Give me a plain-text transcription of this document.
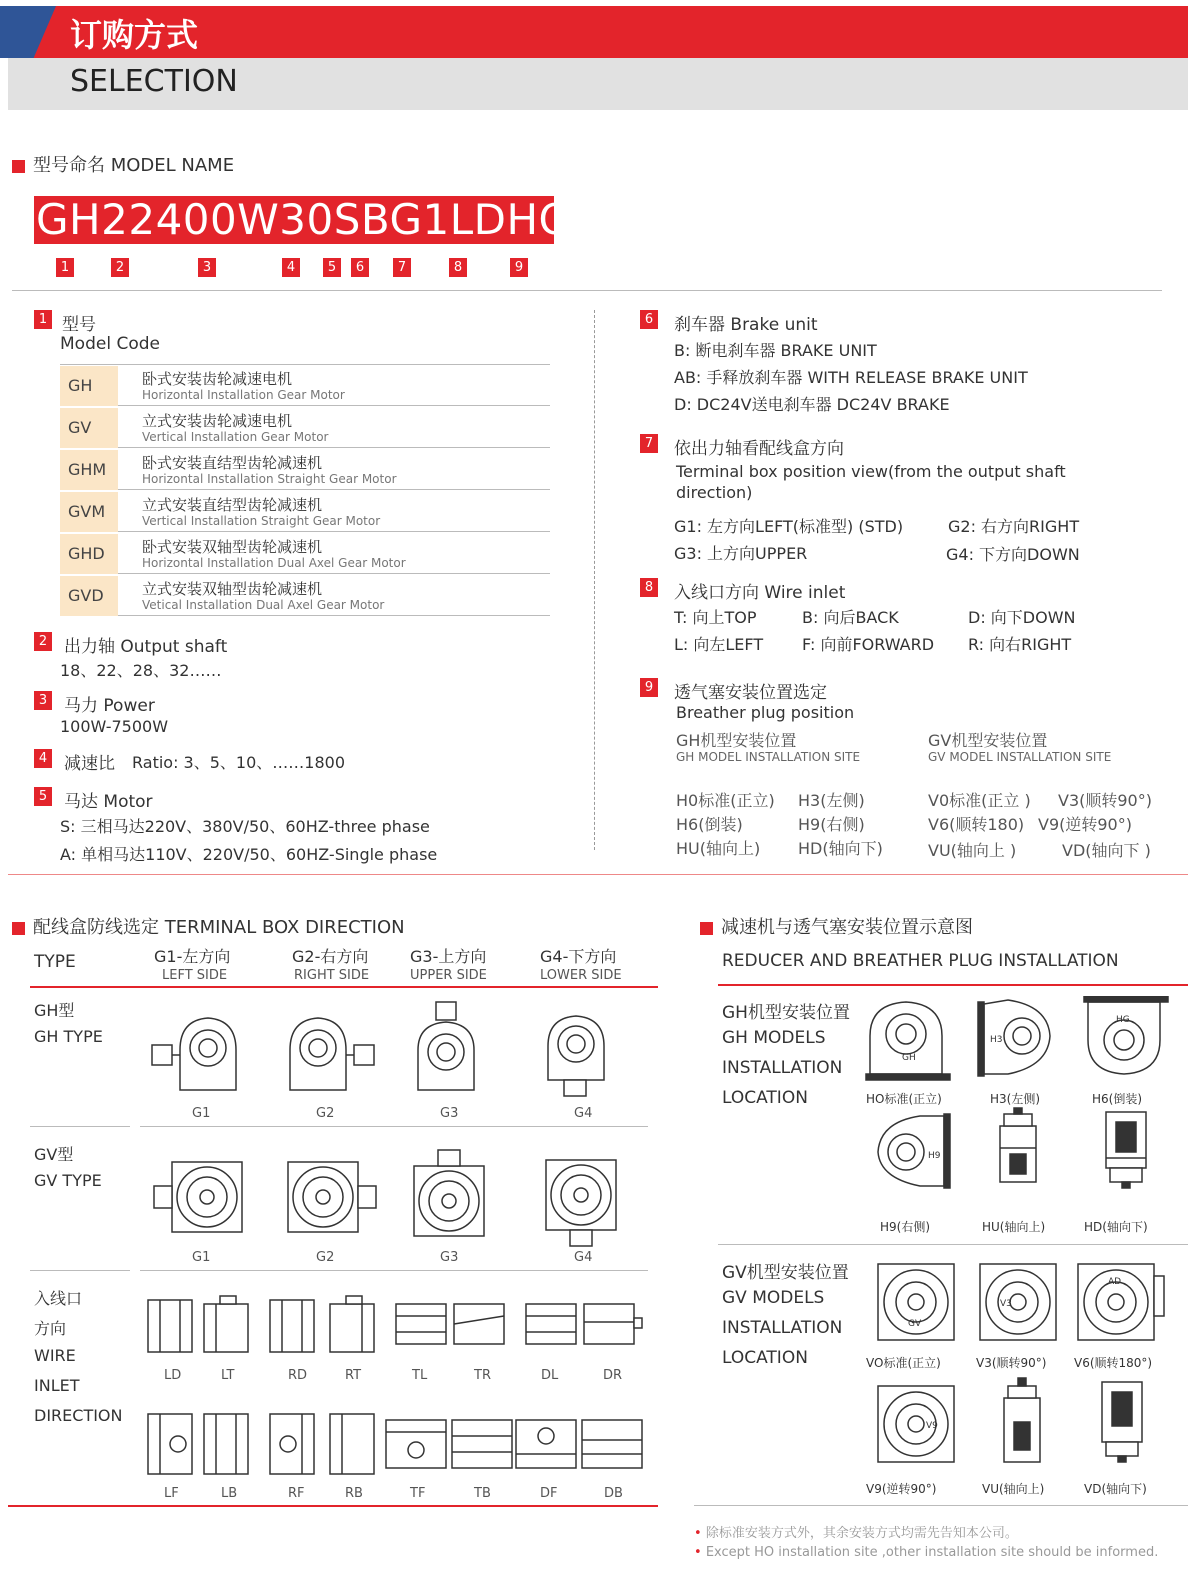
订购方式
SELECTION
型号命名 MODEL NAME
GH22400W30SBG1LDHO
1	2	3	4	5	6	7	8	9
1 型号
Model Code
GH	卧式安装齿轮减速电机
Horizontal Installation Gear Motor
GV	立式安装齿轮减速电机
Vertical Installation Gear Motor
GHM	卧式安装直结型齿轮减速机
Horizontal Installation Straight Gear Motor
GVM	立式安装直结型齿轮减速机
Vertical Installation Straight Gear Motor
GHD	卧式安装双轴型齿轮减速机
Horizontal Installation Dual Axel Gear Motor
GVD	立式安装双轴型齿轮减速机
Vetical Installation Dual Axel Gear Motor
2 出力轴 Output shaft
18、22、28、32……
3 马力 Power
100W-7500W
4 减速比 Ratio: 3、5、10、……1800
5 马达 Motor
S: 三相马达220V、380V/50、60HZ-three phase
A: 单相马达110V、220V/50、60HZ-Single phase
6 刹车器 Brake unit
B: 断电刹车器 BRAKE UNIT
AB: 手释放刹车器 WITH RELEASE BRAKE UNIT
D: DC24V送电刹车器 DC24V BRAKE
7 依出力轴看配线盒方向
Terminal box position view(from the output shaft direction)
G1: 左方向LEFT(标准型) (STD)	G2: 右方向RIGHT
G3: 上方向UPPER	G4: 下方向DOWN
8 入线口方向 Wire inlet
T: 向上TOP	B: 向后BACK	D: 向下DOWN
L: 向左LEFT F: 向前FORWARD R: 向右RIGHT
9 透气塞安装位置选定
Breather plug position
GH机型安装位置
GH MODEL INSTALLATION SITE
GV机型安装位置
GV MODEL INSTALLATION SITE
H0标准(正立) H3(左侧)
H6(倒装)	H9(右侧)
HU(轴向上) HD(轴向下)
V0标准(正立 ) V3(顺转90°)
V6(顺转180) V9(逆转90°)
VU(轴向上 )	VD(轴向下 )
配线盒防线选定 TERMINAL BOX DIRECTION
TYPE	G1-左方向
LEFT SIDE
G2-右方向
RIGHT SIDE
G3-上方向
UPPER SIDE
G4-下方向
LOWER SIDE
GH型
GH TYPE
G1	G2	G3	G4
GV型
GV TYPE
G1	G2	G3	G4
入线口
方向
WIRE
INLET
DIRECTION
LD	LT	RD	RT	TL	TR	DL	DR
LF	LB	RF	RB	TF	TB	DF	DB
减速机与透气塞安装位置示意图
REDUCER AND BREATHER PLUG INSTALLATION
GH机型安装位置
GH MODELS
INSTALLATION
LOCATION
GH
H3
HG
H9
HO标准(正立)	H3(左侧)	H6(倒装)
H9(右侧)	HU(轴向上)	HD(轴向下)
GV机型安装位置
GV MODELS
INSTALLATION
LOCATION
GV
V3
AD
V9
VO标准(正立)	V3(顺转90°) V6(顺转180°)
V9(逆转90°)	VU(轴向上)	VD(轴向下)
• 除标准安装方式外，其余安装方式均需先告知本公司。
• Except HO installation site ,other installation site should be informed.
